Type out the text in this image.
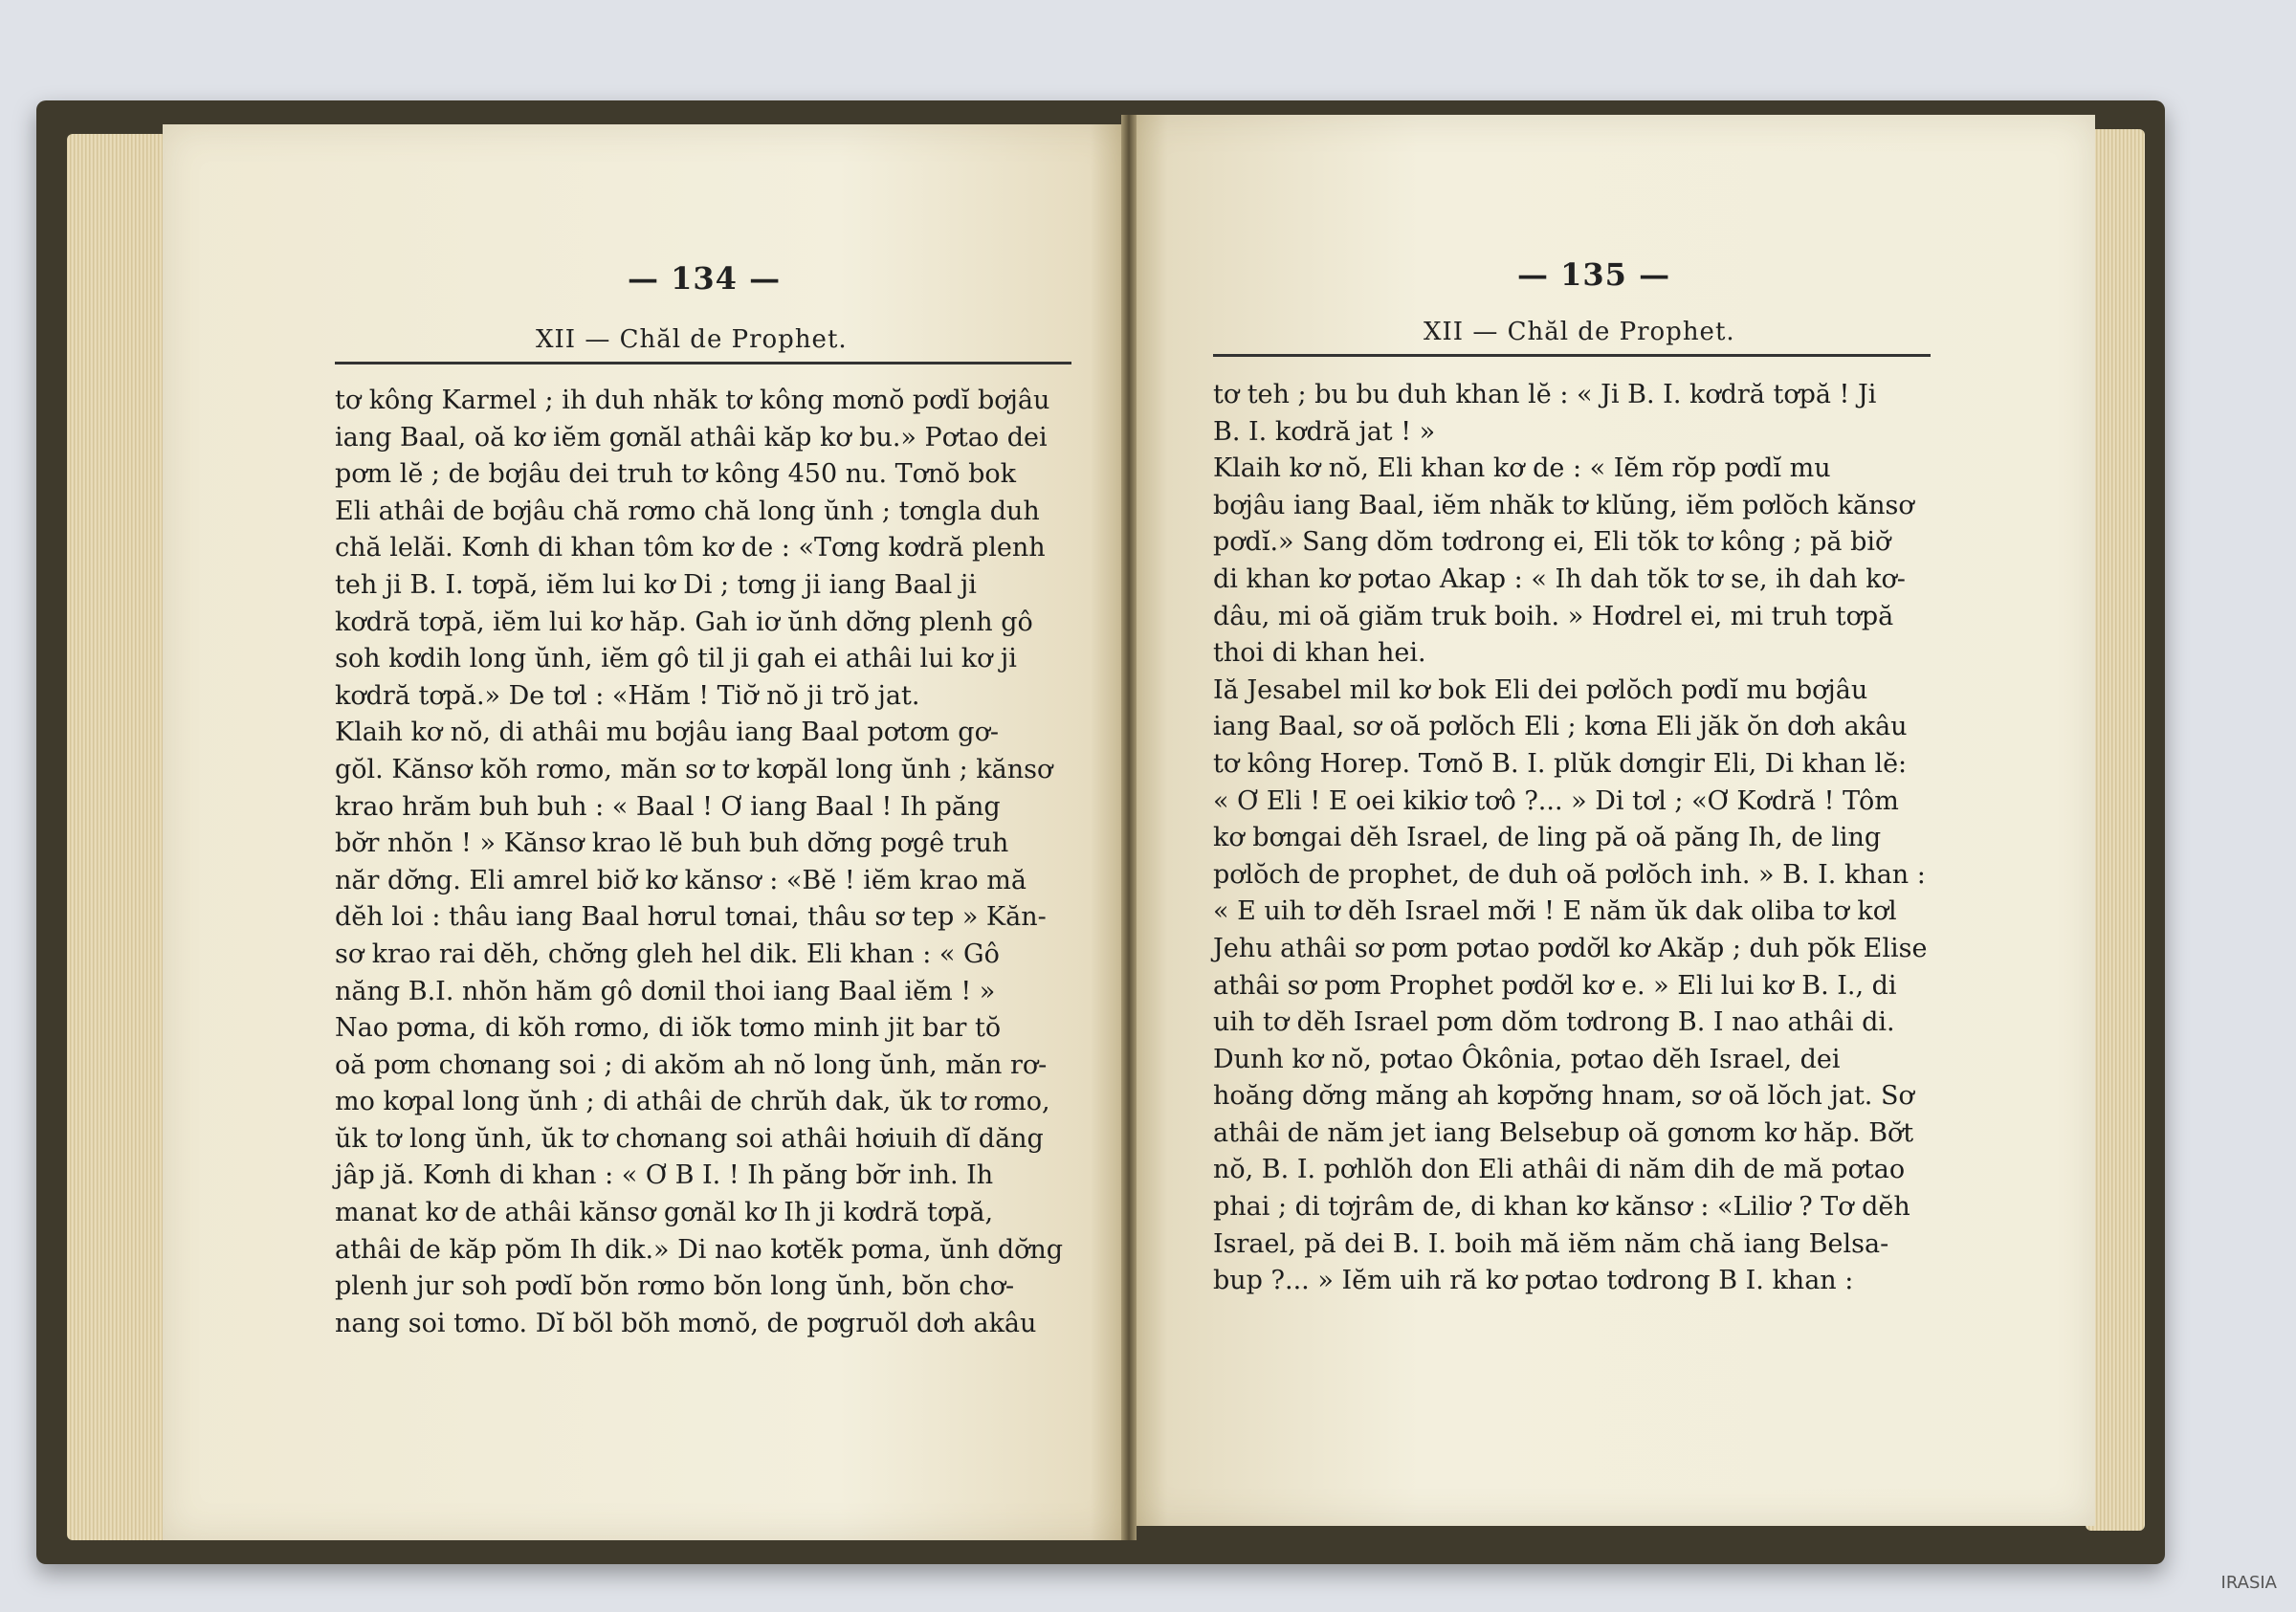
— 134 —
XII — Chăl de Prophet.
— 135 —
XII — Chăl de Prophet.
tơ kông Karmel ; ih duh nhăk tơ kông mơnŏ pơdĭ bơjâu
iang Baal, oă kơ iĕm gơnăl athâi kăp kơ bu.» Pơtao dei
pơm lĕ ; de bơjâu dei truh tơ kông 450 nu. Tơnŏ bok
Eli athâi de bơjâu chă rơmo chă long ŭnh ; tơngla duh
chă lelăi. Kơnh di khan tôm kơ de : «Tơng kơdră plenh
teh ji B. I. tơpă, iĕm lui kơ Di ; tơng ji iang Baal ji
kơdră tơpă, iĕm lui kơ hăp. Gah iơ ŭnh dơ̆ng plenh gô
soh kơdih long ŭnh, iĕm gô til ji gah ei athâi lui kơ ji
kơdră tơpă.» De tơl : «Hăm ! Tiơ̆ nŏ ji trŏ jat.
Klaih kơ nŏ, di athâi mu bơjâu iang Baal pơtơm gơ-
gŏl. Kănsơ kŏh rơmo, măn sơ tơ kơpăl long ŭnh ; kănsơ
krao hrăm buh buh : « Baal ! Ơ iang Baal ! Ih păng
bơ̆r nhŏn ! » Kănsơ krao lĕ buh buh dơ̆ng pơgê truh
năr dơ̆ng. Eli amrel biơ̆ kơ kănsơ : «Bĕ ! iĕm krao mă
dĕh loi : thâu iang Baal hơrul tơnai, thâu sơ tep » Kăn-
sơ krao rai dĕh, chơ̆ng gleh hel dik. Eli khan : « Gô
năng B.I. nhŏn hăm gô dơnil thoi iang Baal iĕm ! »
Nao pơma, di kŏh rơmo, di iŏk tơmo minh jit bar tŏ
oă pơm chơnang soi ; di akŏm ah nŏ long ŭnh, măn rơ-
mo kơpal long ŭnh ; di athâi de chrŭh dak, ŭk tơ rơmo,
ŭk tơ long ŭnh, ŭk tơ chơnang soi athâi hơiuih dĭ dăng
jâp jă. Kơnh di khan : « Ơ B I. ! Ih păng bơ̆r inh. Ih
manat kơ de athâi kănsơ gơnăl kơ Ih ji kơdră tơpă,
athâi de kăp pŏm Ih dik.» Di nao kơtĕk pơma, ŭnh dơ̆ng
plenh jur soh pơdĭ bŏn rơmo bŏn long ŭnh, bŏn chơ-
nang soi tơmo. Dĭ bŏl bŏh mơnŏ, de pơgruŏl dơh akâu
tơ teh ; bu bu duh khan lĕ : « Ji B. I. kơdră tơpă ! Ji
B. I. kơdră jat ! »
Klaih kơ nŏ, Eli khan kơ de : « Iĕm rŏp pơdĭ mu
bơjâu iang Baal, iĕm nhăk tơ klŭng, iĕm pơlŏch kănsơ
pơdĭ.» Sang dŏm tơdrong ei, Eli tŏk tơ kông ; pă biơ̆
di khan kơ pơtao Akap : « Ih dah tŏk tơ se, ih dah kơ-
dâu, mi oă giăm truk boih. » Hơdrel ei, mi truh tơpă
thoi di khan hei.
Iă Jesabel mil kơ bok Eli dei pơlŏch pơdĭ mu bơjâu
iang Baal, sơ oă pơlŏch Eli ; kơna Eli jăk ŏn dơh akâu
tơ kông Horep. Tơnŏ B. I. plŭk dơngir Eli, Di khan lĕ:
« Ơ Eli ! E oei kikiơ tơô ?... » Di tơl ; «Ơ Kơdră ! Tôm
kơ bơngai dĕh Israel, de ling pă oă păng Ih, de ling
pơlŏch de prophet, de duh oă pơlŏch inh. » B. I. khan :
« E uih tơ dĕh Israel mơ̆i ! E năm ŭk dak oliba tơ kơl
Jehu athâi sơ pơm pơtao pơdơ̆l kơ Akăp ; duh pŏk Elise
athâi sơ pơm Prophet pơdơ̆l kơ e. » Eli lui kơ B. I., di
uih tơ dĕh Israel pơm dŏm tơdrong B. I nao athâi di.
Dunh kơ nŏ, pơtao Ôkônia, pơtao dĕh Israel, dei
hoăng dơ̆ng măng ah kơpơ̆ng hnam, sơ oă lŏch jat. Sơ
athâi de năm jet iang Belsebup oă gơnơm kơ hăp. Bơ̆t
nŏ, B. I. pơhlŏh don Eli athâi di năm dih de mă pơtao
phai ; di tơjrâm de, di khan kơ kănsơ : «Liliơ ? Tơ dĕh
Israel, pă dei B. I. boih mă iĕm năm chă iang Belsa-
bup ?... » Iĕm uih ră kơ pơtao tơdrong B I. khan :
IRASIA
